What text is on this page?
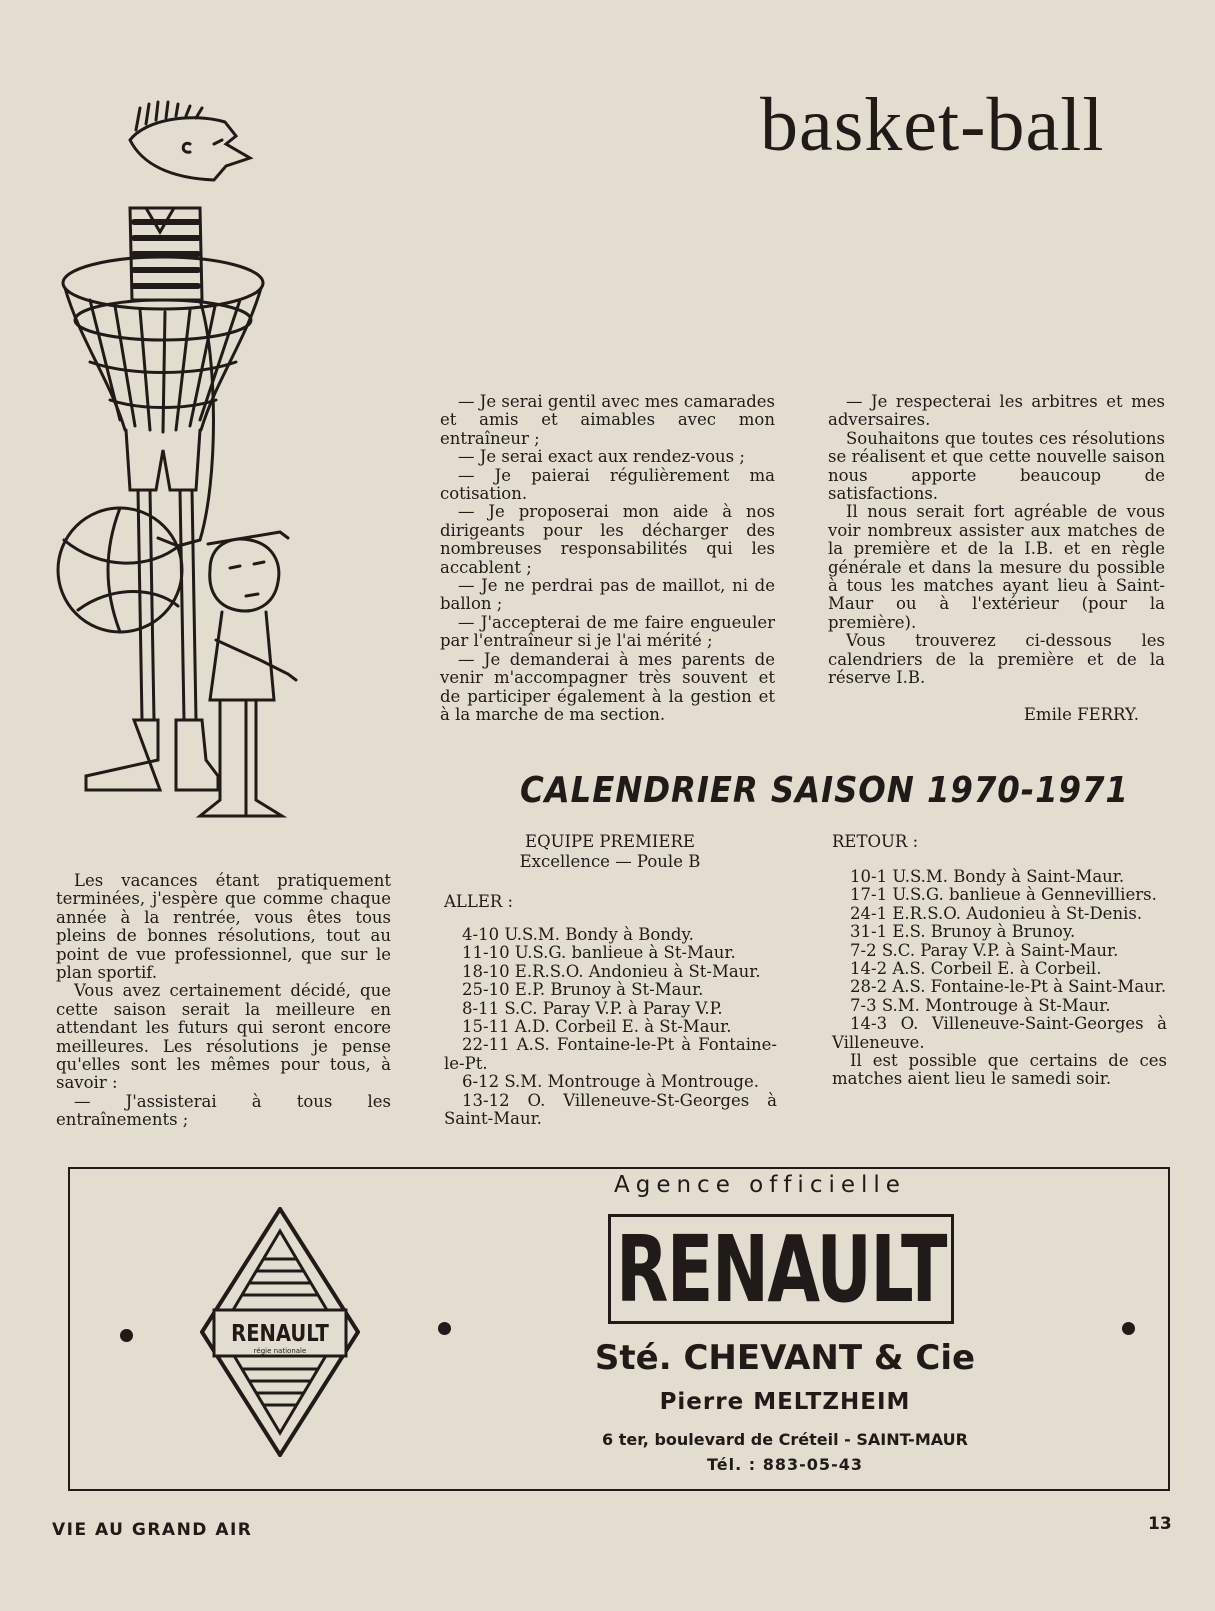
basket-ball

— Je serai gentil avec mes camarades et amis et aimables avec mon entraîneur ;

— Je serai exact aux rendez-vous ;

— Je paierai régulièrement ma cotisation.

— Je proposerai mon aide à nos dirigeants pour les décharger des nombreuses responsabilités qui les accablent ;

— Je ne perdrai pas de maillot, ni de ballon ;

— J'accepterai de me faire engueuler par l'entraîneur si je l'ai mérité ;

— Je demanderai à mes parents de venir m'accompagner très souvent et de participer également à la gestion et à la marche de ma section.

— Je respecterai les arbitres et mes adversaires.

Souhaitons que toutes ces résolutions se réalisent et que cette nouvelle saison nous apporte beaucoup de satisfactions.

Il nous serait fort agréable de vous voir nombreux assister aux matches de la première et de la I.B. et en règle générale et dans la mesure du possible à tous les matches ayant lieu à Saint-Maur ou à l'extérieur (pour la première).

Vous trouverez ci-dessous les calendriers de la première et de la réserve I.B.

Emile FERRY.

CALENDRIER SAISON 1970-1971
EQUIPE PREMIERE
Excellence — Poule B
ALLER :

4-10 U.S.M. Bondy à Bondy.

11-10 U.S.G. banlieue à St-Maur.

18-10 E.R.S.O. Andonieu à St-Maur.

25-10 E.P. Brunoy à St-Maur.

8-11 S.C. Paray V.P. à Paray V.P.

15-11 A.D. Corbeil E. à St-Maur.

22-11 A.S. Fontaine-le-Pt à Fontaine-le-Pt.

6-12 S.M. Montrouge à Montrouge.

13-12 O. Villeneuve-St-Georges à Saint-Maur.

RETOUR :

10-1 U.S.M. Bondy à Saint-Maur.

17-1 U.S.G. banlieue à Gennevilliers.

24-1 E.R.S.O. Audonieu à St-Denis.

31-1 E.S. Brunoy à Brunoy.

7-2 S.C. Paray V.P. à Saint-Maur.

14-2 A.S. Corbeil E. à Corbeil.

28-2 A.S. Fontaine-le-Pt à Saint-Maur.

7-3 S.M. Montrouge à St-Maur.

14-3 O. Villeneuve-Saint-Georges à Villeneuve.

Il est possible que certains de ces matches aient lieu le samedi soir.

Les vacances étant pratiquement terminées, j'espère que comme chaque année à la rentrée, vous êtes tous pleins de bonnes résolutions, tout au point de vue professionnel, que sur le plan sportif.

Vous avez certainement décidé, que cette saison serait la meilleure en attendant les futurs qui seront encore meilleures. Les résolutions je pense qu'elles sont les mêmes pour tous, à savoir :

— J'assisterai à tous les entraînements ;

RENAULT
régie nationale
Agence officielle
RENAULT
Sté. CHEVANT & Cie
Pierre MELTZHEIM
6 ter, boulevard de Créteil - SAINT-MAUR
Tél. : 883-05-43
VIE AU GRAND AIR	13
